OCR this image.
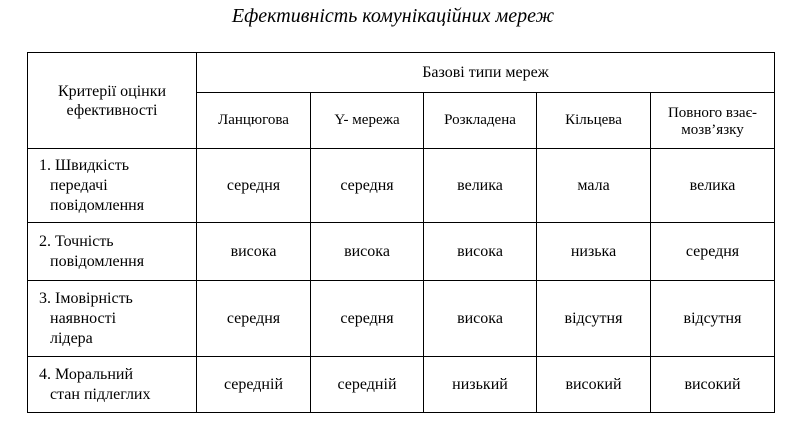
Ефективність комунікаційних мереж
Критерії оцінки
ефективності	Базові типи мереж				
	Ланцюгова	Y- мережа	Розкладена	Кільцева	Повного взає-
мозв’язку

1. Швидкість
передачі
повідомлення	середня	середня	велика	мала	велика

2. Точність
повідомлення	висока	висока	висока	низька	середня

3. Імовірність
наявності
лідера	середня	середня	висока	відсутня	відсутня

4. Моральний
стан підлеглих	середній	середній	низький	високий	високий
